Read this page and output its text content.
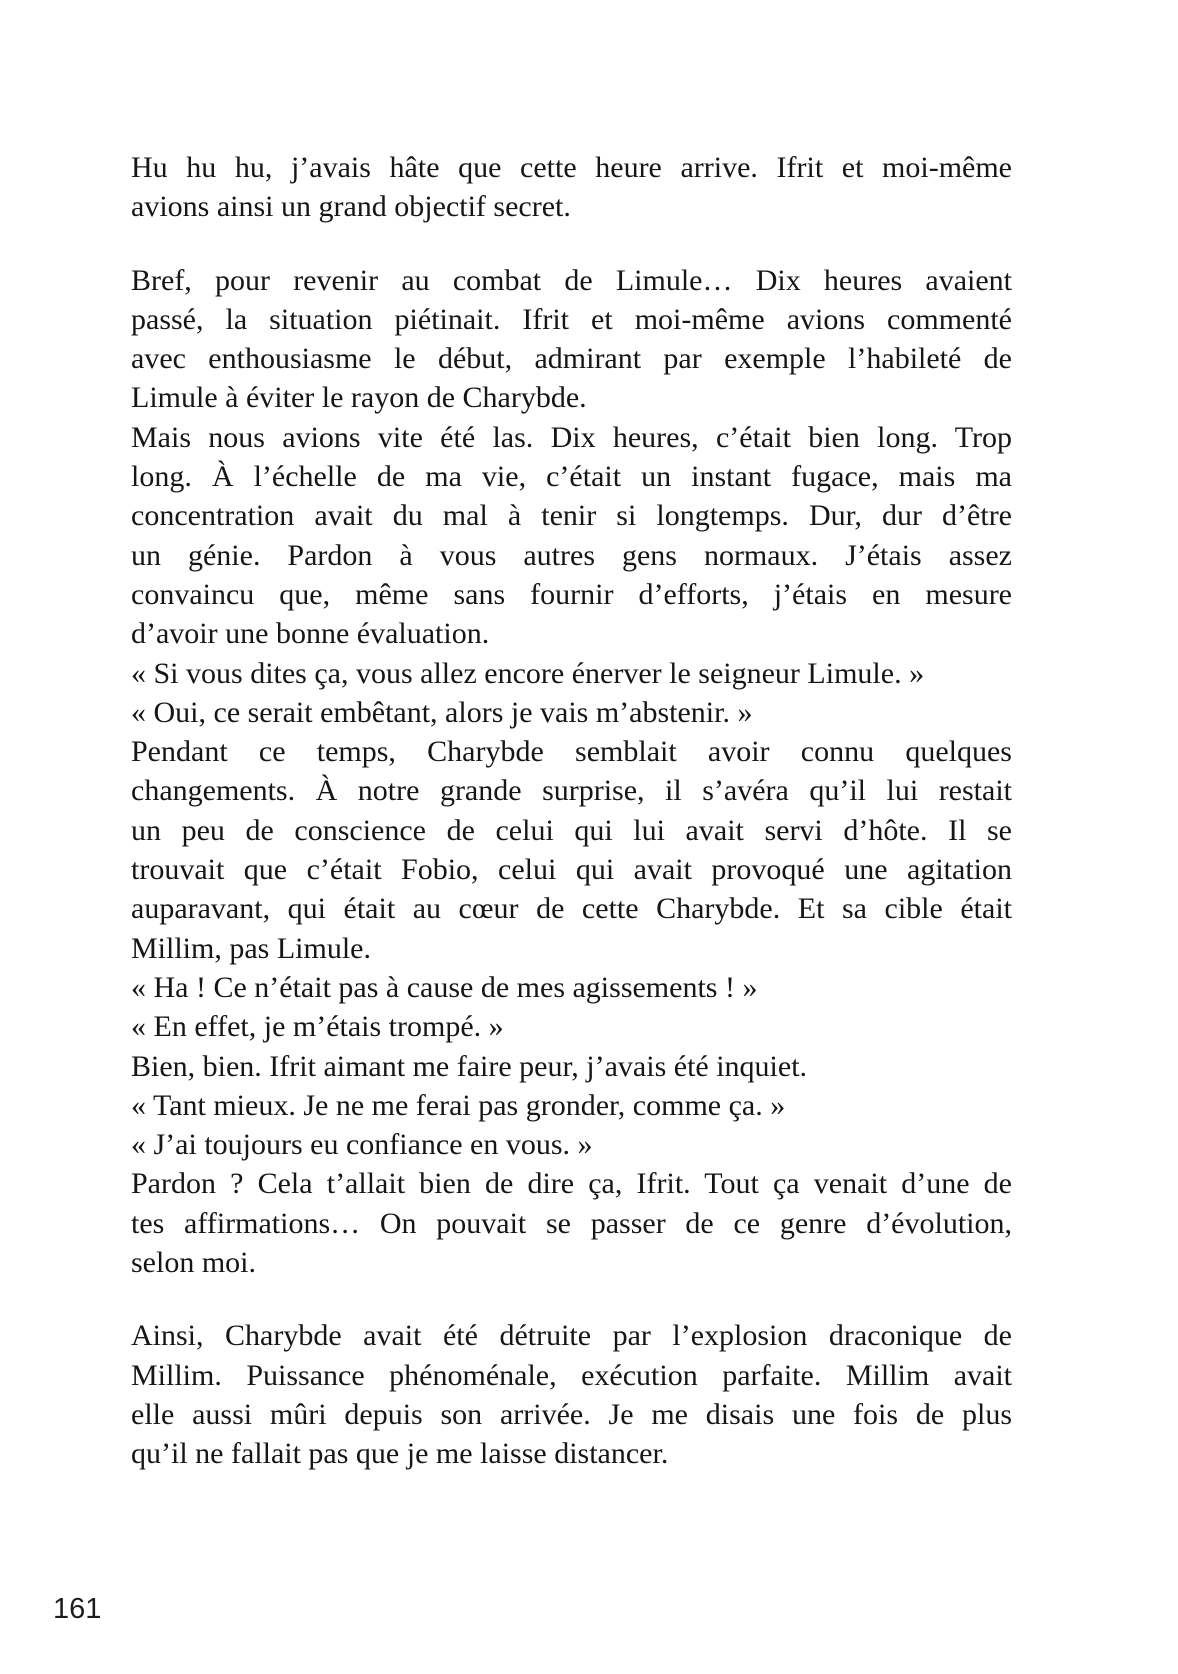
Hu hu hu, j’avais hâte que cette heure arrive. Ifrit et moi-même
avions ainsi un grand objectif secret.
Bref, pour revenir au combat de Limule… Dix heures avaient
passé, la situation piétinait. Ifrit et moi-même avions commenté
avec enthousiasme le début, admirant par exemple l’habileté de
Limule à éviter le rayon de Charybde.
Mais nous avions vite été las. Dix heures, c’était bien long. Trop
long. À l’échelle de ma vie, c’était un instant fugace, mais ma
concentration avait du mal à tenir si longtemps. Dur, dur d’être
un génie. Pardon à vous autres gens normaux. J’étais assez
convaincu que, même sans fournir d’efforts, j’étais en mesure
d’avoir une bonne évaluation.
« Si vous dites ça, vous allez encore énerver le seigneur Limule. »
« Oui, ce serait embêtant, alors je vais m’abstenir. »
Pendant ce temps, Charybde semblait avoir connu quelques
changements. À notre grande surprise, il s’avéra qu’il lui restait
un peu de conscience de celui qui lui avait servi d’hôte. Il se
trouvait que c’était Fobio, celui qui avait provoqué une agitation
auparavant, qui était au cœur de cette Charybde. Et sa cible était
Millim, pas Limule.
« Ha ! Ce n’était pas à cause de mes agissements ! »
« En effet, je m’étais trompé. »
Bien, bien. Ifrit aimant me faire peur, j’avais été inquiet.
« Tant mieux. Je ne me ferai pas gronder, comme ça. »
« J’ai toujours eu confiance en vous. »
Pardon ? Cela t’allait bien de dire ça, Ifrit. Tout ça venait d’une de
tes affirmations… On pouvait se passer de ce genre d’évolution,
selon moi.
Ainsi, Charybde avait été détruite par l’explosion draconique de
Millim. Puissance phénoménale, exécution parfaite. Millim avait
elle aussi mûri depuis son arrivée. Je me disais une fois de plus
qu’il ne fallait pas que je me laisse distancer.
161
